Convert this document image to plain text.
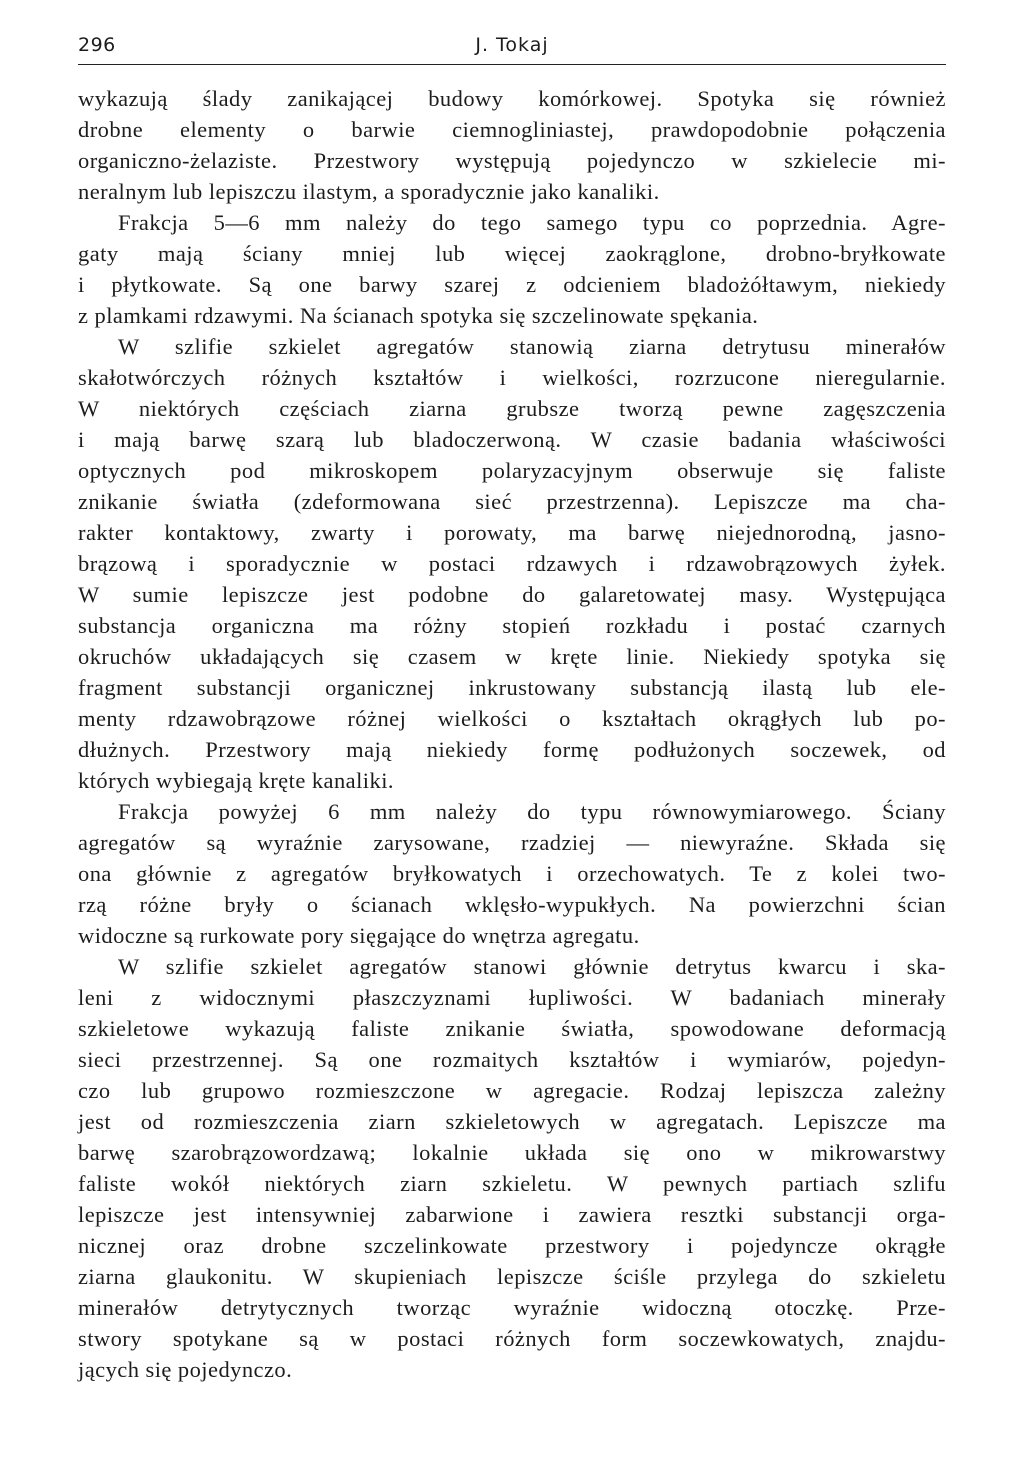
296	J. Tokaj
wykazują ślady zanikającej budowy komórkowej. Spotyka się również
drobne elementy o barwie ciemnogliniastej, prawdopodobnie połączenia
organiczno-żelaziste. Przestwory występują pojedynczo w szkielecie mi-
neralnym lub lepiszczu ilastym, a sporadycznie jako kanaliki.
Frakcja 5—6 mm należy do tego samego typu co poprzednia. Agre-
gaty mają ściany mniej lub więcej zaokrąglone, drobno-bryłkowate
i płytkowate. Są one barwy szarej z odcieniem bladożółtawym, niekiedy
z plamkami rdzawymi. Na ścianach spotyka się szczelinowate spękania.
W szlifie szkielet agregatów stanowią ziarna detrytusu minerałów
skałotwórczych różnych kształtów i wielkości, rozrzucone nieregularnie.
W niektórych częściach ziarna grubsze tworzą pewne zagęszczenia
i mają barwę szarą lub bladoczerwoną. W czasie badania właściwości
optycznych pod mikroskopem polaryzacyjnym obserwuje się faliste
znikanie światła (zdeformowana sieć przestrzenna). Lepiszcze ma cha-
rakter kontaktowy, zwarty i porowaty, ma barwę niejednorodną, jasno-
brązową i sporadycznie w postaci rdzawych i rdzawobrązowych żyłek.
W sumie lepiszcze jest podobne do galaretowatej masy. Występująca
substancja organiczna ma różny stopień rozkładu i postać czarnych
okruchów układających się czasem w kręte linie. Niekiedy spotyka się
fragment substancji organicznej inkrustowany substancją ilastą lub ele-
menty rdzawobrązowe różnej wielkości o kształtach okrągłych lub po-
dłużnych. Przestwory mają niekiedy formę podłużonych soczewek, od
których wybiegają kręte kanaliki.
Frakcja powyżej 6 mm należy do typu równowymiarowego. Ściany
agregatów są wyraźnie zarysowane, rzadziej — niewyraźne. Składa się
ona głównie z agregatów bryłkowatych i orzechowatych. Te z kolei two-
rzą różne bryły o ścianach wklęsło-wypukłych. Na powierzchni ścian
widoczne są rurkowate pory sięgające do wnętrza agregatu.
W szlifie szkielet agregatów stanowi głównie detrytus kwarcu i ska-
leni z widocznymi płaszczyznami łupliwości. W badaniach minerały
szkieletowe wykazują faliste znikanie światła, spowodowane deformacją
sieci przestrzennej. Są one rozmaitych kształtów i wymiarów, pojedyn-
czo lub grupowo rozmieszczone w agregacie. Rodzaj lepiszcza zależny
jest od rozmieszczenia ziarn szkieletowych w agregatach. Lepiszcze ma
barwę szarobrązowordzawą; lokalnie układa się ono w mikrowarstwy
faliste wokół niektórych ziarn szkieletu. W pewnych partiach szlifu
lepiszcze jest intensywniej zabarwione i zawiera resztki substancji orga-
nicznej oraz drobne szczelinkowate przestwory i pojedyncze okrągłe
ziarna glaukonitu. W skupieniach lepiszcze ściśle przylega do szkieletu
minerałów detrytycznych tworząc wyraźnie widoczną otoczkę. Prze-
stwory spotykane są w postaci różnych form soczewkowatych, znajdu-
jących się pojedynczo.
